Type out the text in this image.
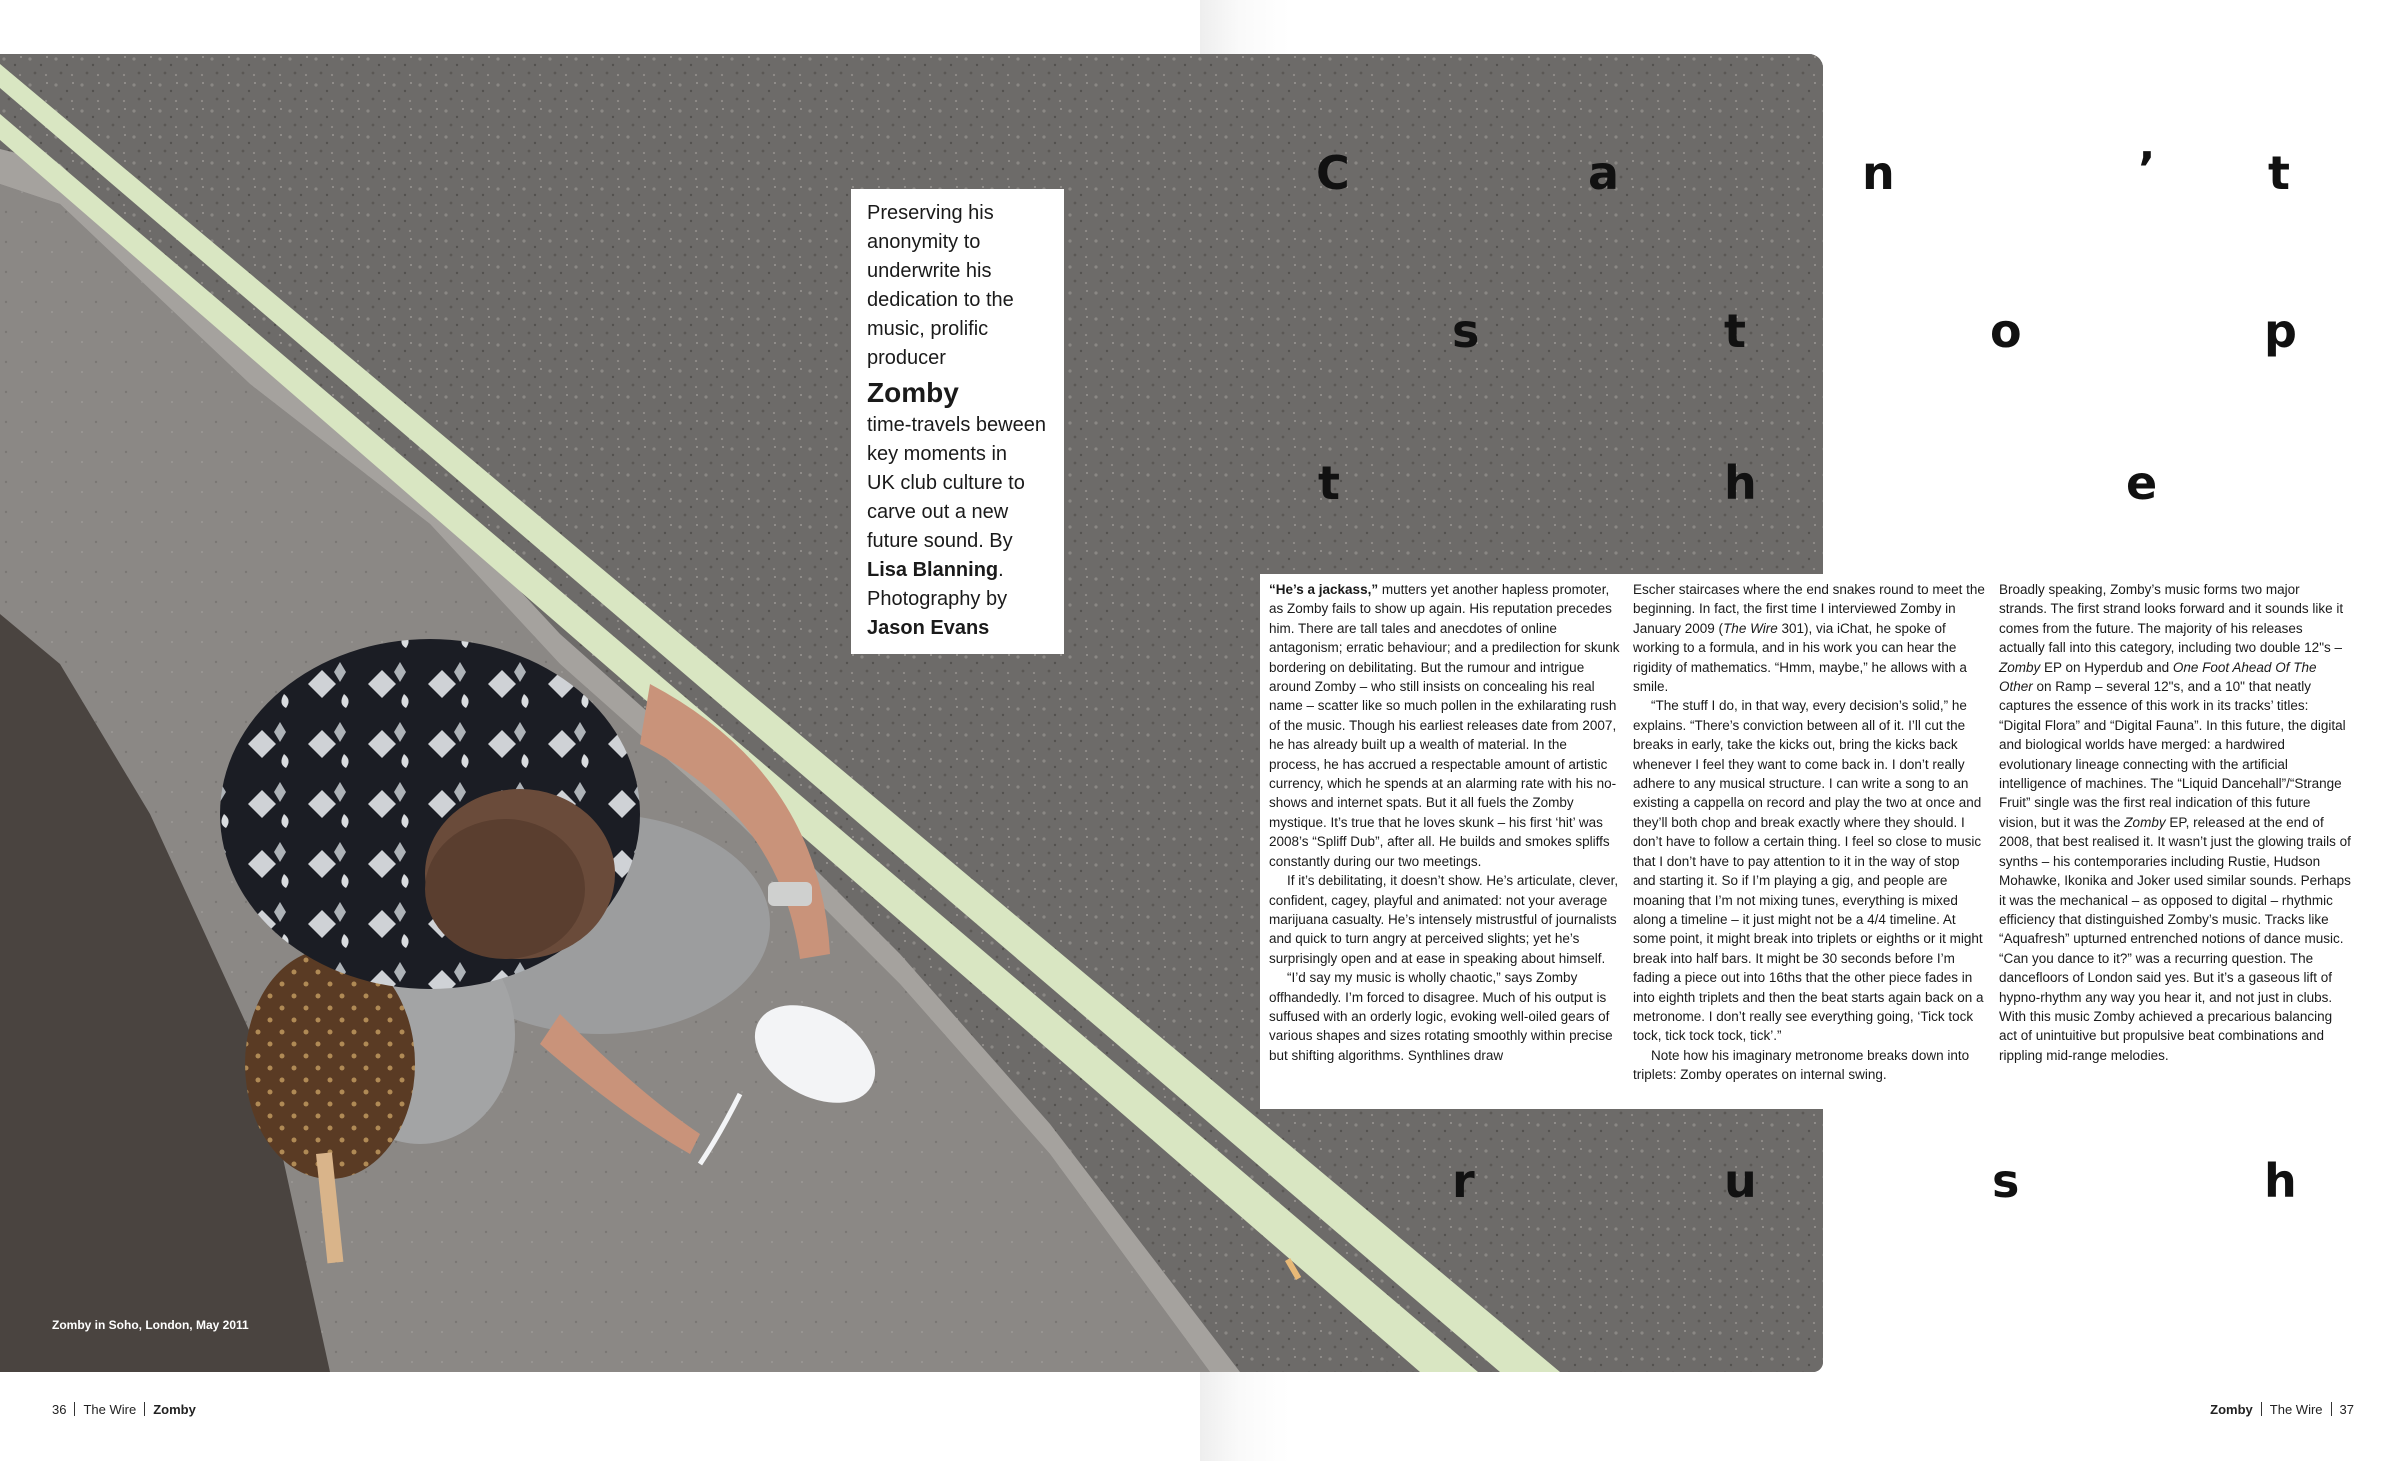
Zomby in Soho, London, May 2011
Preserving his
anonymity to
underwrite his
dedication to the
music, prolific
producer
Zomby
time-travels beween
key moments in
UK club culture to
carve out a new
future sound. By
Lisa Blanning.
Photography by
Jason Evans
C	a	n	’ t
s	t	o	p
t	h	e
r	u	s	h

“He’s a jackass,” mutters yet another hapless promoter, as Zomby fails to show up again. His reputation precedes him. There are tall tales and anecdotes of online antagonism; erratic behaviour; and a predilection for skunk bordering on debilitating. But the rumour and intrigue around Zomby – who still insists on concealing his real name – scatter like so much pollen in the exhilarating rush of the music. Though his earliest releases date from 2007, he has already built up a wealth of material. In the process, he has accrued a respectable amount of artistic currency, which he spends at an alarming rate with his no-shows and internet spats. But it all fuels the Zomby mystique. It’s true that he loves skunk – his first ‘hit’ was 2008’s “Spliff Dub”, after all. He builds and smokes spliffs constantly during our two meetings.

If it’s debilitating, it doesn’t show. He’s articulate, clever, confident, cagey, playful and animated: not your average marijuana casualty. He’s intensely mistrustful of journalists and quick to turn angry at perceived slights; yet he’s surprisingly open and at ease in speaking about himself.

“I’d say my music is wholly chaotic,” says Zomby offhandedly. I’m forced to disagree. Much of his output is suffused with an orderly logic, evoking well-oiled gears of various shapes and sizes rotating smoothly within precise but shifting algorithms. Synthlines draw

Escher staircases where the end snakes round to meet the beginning. In fact, the first time I interviewed Zomby in January 2009 (The Wire 301), via iChat, he spoke of working to a formula, and in his work you can hear the rigidity of mathematics. “Hmm, maybe,” he allows with a smile.

“The stuff I do, in that way, every decision’s solid,” he explains. “There’s conviction between all of it. I’ll cut the breaks in early, take the kicks out, bring the kicks back whenever I feel they want to come back in. I don’t really adhere to any musical structure. I can write a song to an existing a cappella on record and play the two at once and they’ll both chop and break exactly where they should. I don’t have to follow a certain thing. I feel so close to music that I don’t have to pay attention to it in the way of stop and starting it. So if I’m playing a gig, and people are moaning that I’m not mixing tunes, everything is mixed along a timeline – it just might not be a 4/4 timeline. At some point, it might break into triplets or eighths or it might break into half bars. It might be 30 seconds before I’m fading a piece out into 16ths that the other piece fades in into eighth triplets and then the beat starts again back on a metronome. I don’t really see everything going, ‘Tick tock tock, tick tock tock, tick’.”

Note how his imaginary metronome breaks down into triplets: Zomby operates on internal swing.

Broadly speaking, Zomby’s music forms two major strands. The first strand looks forward and it sounds like it comes from the future. The majority of his releases actually fall into this category, including two double 12"s – Zomby EP on Hyperdub and One Foot Ahead Of The Other on Ramp – several 12"s, and a 10" that neatly captures the essence of this work in its tracks’ titles: “Digital Flora” and “Digital Fauna”. In this future, the digital and biological worlds have merged: a hardwired evolutionary lineage connecting with the artificial intelligence of machines. The “Liquid Dancehall”/“Strange Fruit” single was the first real indication of this future vision, but it was the Zomby EP, released at the end of 2008, that best realised it. It wasn’t just the glowing trails of synths – his contemporaries including Rustie, Hudson Mohawke, Ikonika and Joker used similar sounds. Perhaps it was the mechanical – as opposed to digital – rhythmic efficiency that distinguished Zomby’s music. Tracks like “Aquafresh” upturned entrenched notions of dance music. “Can you dance to it?” was a recurring question. The dancefloors of London said yes. But it’s a gaseous lift of hypno-rhythm any way you hear it, and not just in clubs. With this music Zomby achieved a precarious balancing act of unintuitive but propulsive beat combinations and rippling mid-range melodies.

36 The Wire Zomby	Zomby The Wire 37
